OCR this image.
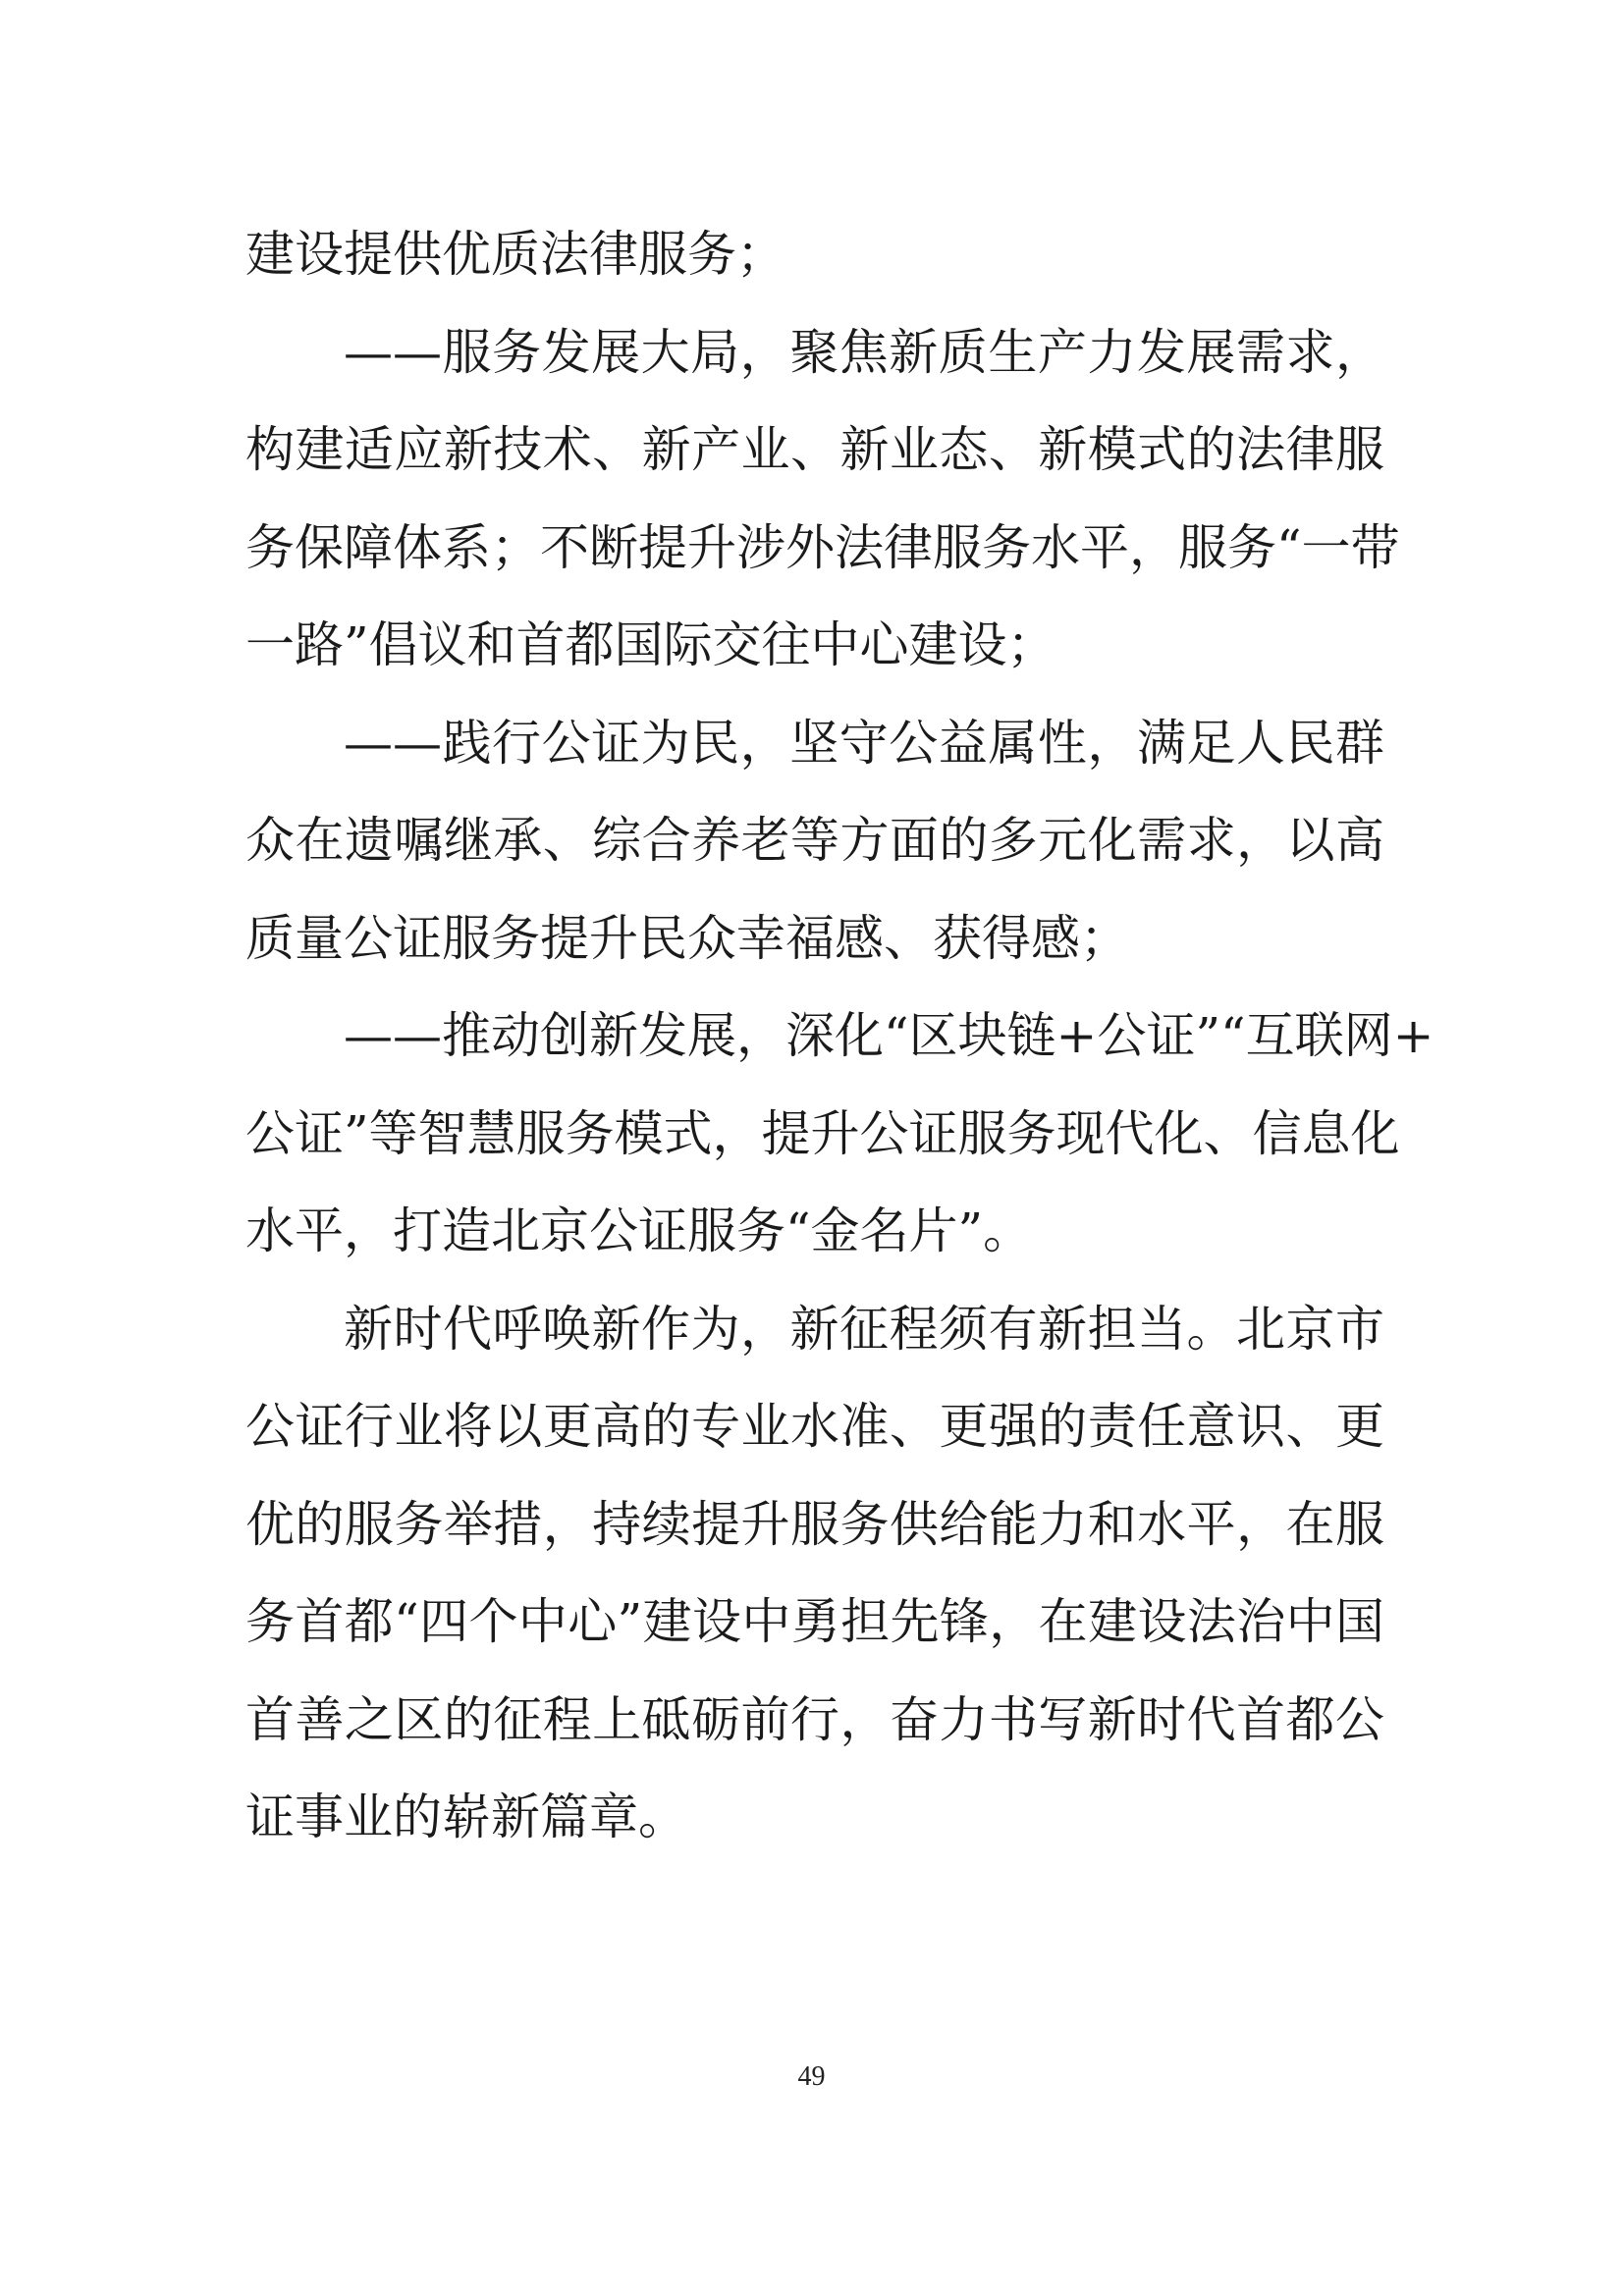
建设提供优质法律服务；
——服务发展大局，聚焦新质生产力发展需求，
构建适应新技术、新产业、新业态、新模式的法律服
务保障体系；不断提升涉外法律服务水平，服务“一带
一路”倡议和首都国际交往中心建设；
——践行公证为民，坚守公益属性，满足人民群
众在遗嘱继承、综合养老等方面的多元化需求，以高
质量公证服务提升民众幸福感、获得感；
——推动创新发展，深化“区块链+公证”“互联网+
公证”等智慧服务模式，提升公证服务现代化、信息化
水平，打造北京公证服务“金名片”。
新时代呼唤新作为，新征程须有新担当。北京市
公证行业将以更高的专业水准、更强的责任意识、更
优的服务举措，持续提升服务供给能力和水平，在服
务首都“四个中心”建设中勇担先锋，在建设法治中国
首善之区的征程上砥砺前行，奋力书写新时代首都公
证事业的崭新篇章。
49
